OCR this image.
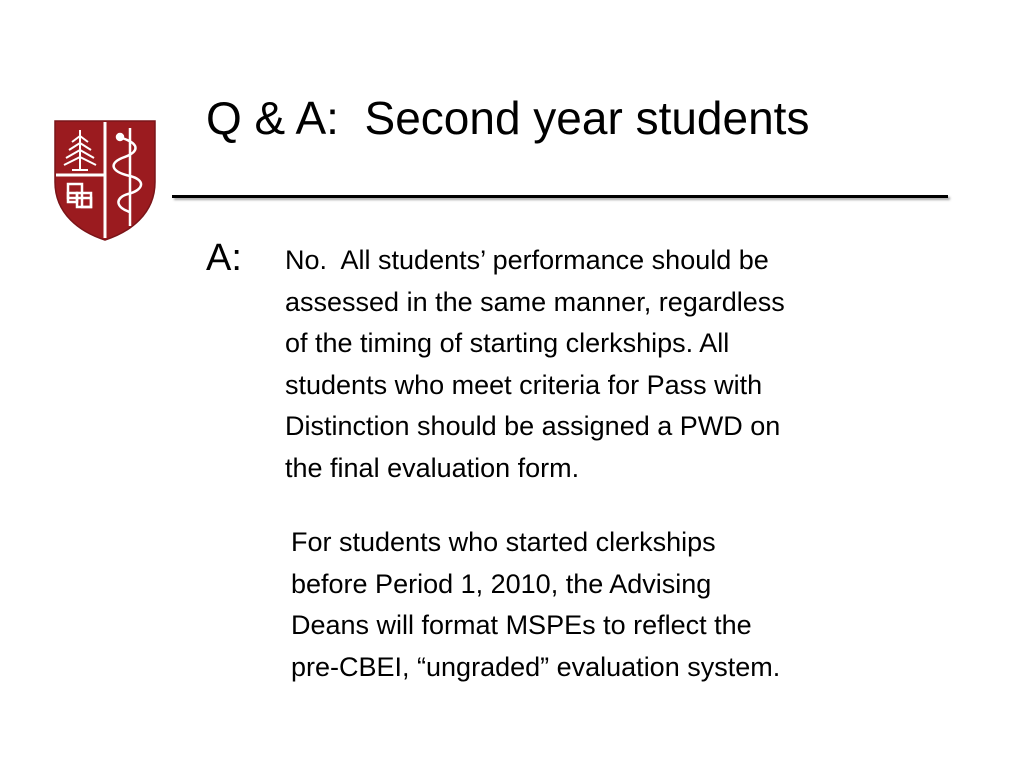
Q & A:  Second year students
A: No.  All students’ performance should be
assessed in the same manner, regardless
of the timing of starting clerkships. All
students who meet criteria for Pass with
Distinction should be assigned a PWD on
the final evaluation form.
For students who started clerkships
before Period 1, 2010, the Advising
Deans will format MSPEs to reflect the
pre-CBEI, “ungraded” evaluation system.
